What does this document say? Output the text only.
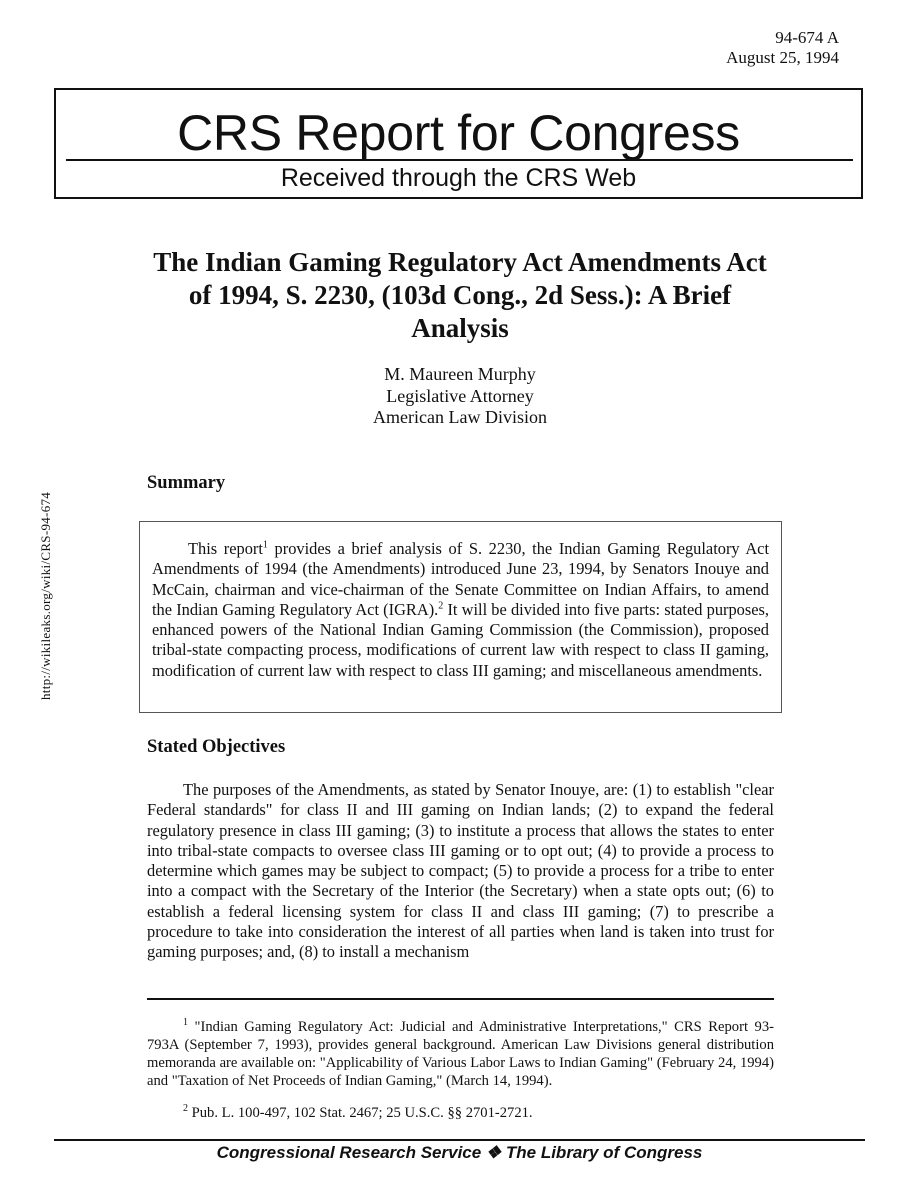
94-674 A
August 25, 1994
CRS Report for Congress
Received through the CRS Web
http://wikileaks.org/wiki/CRS-94-674
The Indian Gaming Regulatory Act Amendments Act of 1994, S. 2230, (103d Cong., 2d Sess.): A Brief Analysis
M. Maureen Murphy
Legislative Attorney
American Law Division
Summary

This report$^1$ provides a brief analysis of S. 2230, the Indian Gaming Regulatory Act Amendments of 1994 (the Amendments) introduced June 23, 1994, by Senators Inouye and McCain, chairman and vice-chairman of the Senate Committee on Indian Affairs, to amend the Indian Gaming Regulatory Act (IGRA).$^2$ It will be divided into five parts: stated purposes, enhanced powers of the National Indian Gaming Commission (the Commission), proposed tribal-state compacting process, modifications of current law with respect to class II gaming, modification of current law with respect to class III gaming; and miscellaneous amendments.

Stated Objectives

The purposes of the Amendments, as stated by Senator Inouye, are: (1) to establish "clear Federal standards" for class II and III gaming on Indian lands; (2) to expand the federal regulatory presence in class III gaming; (3) to institute a process that allows the states to enter into tribal-state compacts to oversee class III gaming or to opt out; (4) to provide a process to determine which games may be subject to compact; (5) to provide a process for a tribe to enter into a compact with the Secretary of the Interior (the Secretary) when a state opts out; (6) to establish a federal licensing system for class II and class III gaming; (7) to prescribe a procedure to take into consideration the interest of all parties when land is taken into trust for gaming purposes; and, (8) to install a mechanism

$^1$ "Indian Gaming Regulatory Act: Judicial and Administrative Interpretations," CRS Report 93-793A (September 7, 1993), provides general background. American Law Divisions general distribution memoranda are available on: "Applicability of Various Labor Laws to Indian Gaming" (February 24, 1994) and "Taxation of Net Proceeds of Indian Gaming," (March 14, 1994).

$^2$ Pub. L. 100-497, 102 Stat. 2467; 25 U.S.C. §§ 2701-2721.

Congressional Research Service ❖ The Library of Congress
